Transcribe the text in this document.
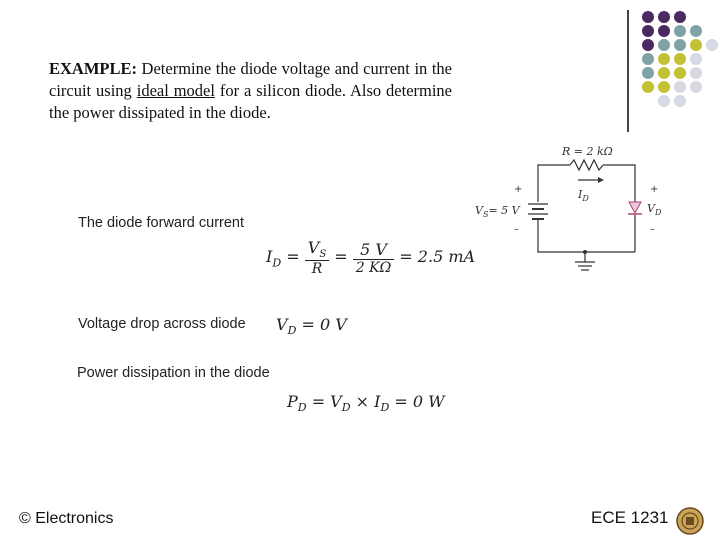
EXAMPLE: Determine the diode voltage and current in the circuit using ideal model for a silicon diode. Also determine the power dissipated in the diode.
The diode forward current
Voltage drop across diode
Power dissipation in the diode
$I_D = \frac{V_S}{R} = \frac{5 V}{2 K\Omega} = 2.5$ mA
$V_D = 0$ V
$P_D = V_D \times I_D = 0$ W
R = 2 kΩ
$I_D$
$V_S= 5$ V	$V_D$
+
–
+
–
© Electronics	ECE 1231
